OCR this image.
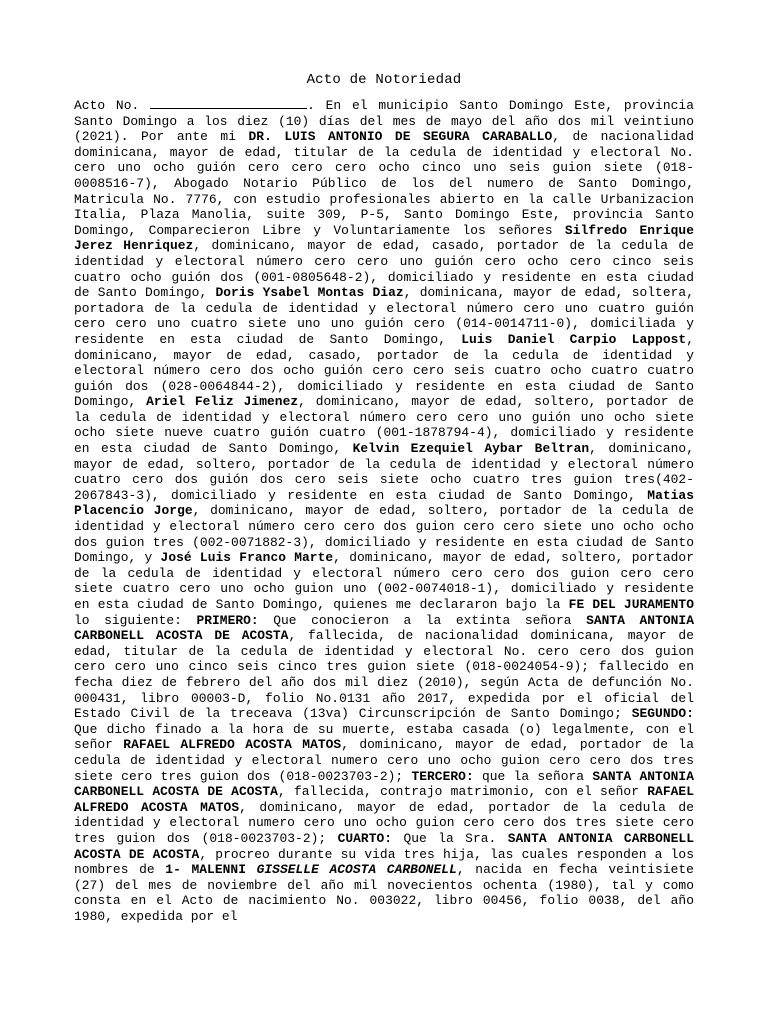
Acto de Notoriedad
Acto No.	. En el municipio Santo Domingo Este, provincia Santo Domingo a los diez (10) días del mes de mayo del año dos mil veintiuno (2021). Por ante mi DR. LUIS ANTONIO DE SEGURA CARABALLO, de nacionalidad dominicana, mayor de edad, titular de la cedula de identidad y electoral No. cero uno ocho guión cero cero cero ocho cinco uno seis guion siete (018-0008516-7), Abogado Notario Público de los del numero de Santo Domingo, Matricula No. 7776, con estudio profesionales abierto en la calle Urbanizacion Italia, Plaza Manolia, suite 309, P-5, Santo Domingo Este, provincia Santo Domingo, Comparecieron Libre y Voluntariamente los señores Silfredo Enrique Jerez Henriquez, dominicano, mayor de edad, casado, portador de la cedula de identidad y electoral número cero cero uno guión cero ocho cero cinco seis cuatro ocho guión dos (001-0805648-2), domiciliado y residente en esta ciudad de Santo Domingo, Doris Ysabel Montas Diaz, dominicana, mayor de edad, soltera, portadora de la cedula de identidad y electoral número cero uno cuatro guión cero cero uno cuatro siete uno uno guión cero (014-0014711-0), domiciliada y residente en esta ciudad de Santo Domingo, Luis Daniel Carpio Lappost, dominicano, mayor de edad, casado, portador de la cedula de identidad y electoral número cero dos ocho guión cero cero seis cuatro ocho cuatro cuatro guión dos (028-0064844-2), domiciliado y residente en esta ciudad de Santo Domingo, Ariel Feliz Jimenez, dominicano, mayor de edad, soltero, portador de la cedula de identidad y electoral número cero cero uno guión uno ocho siete ocho siete nueve cuatro guión cuatro (001-1878794-4), domiciliado y residente en esta ciudad de Santo Domingo, Kelvin Ezequiel Aybar Beltran, dominicano, mayor de edad, soltero, portador de la cedula de identidad y electoral número cuatro cero dos guión dos cero seis siete ocho cuatro tres guion tres(402-2067843-3), domiciliado y residente en esta ciudad de Santo Domingo, Matias Placencio Jorge, dominicano, mayor de edad, soltero, portador de la cedula de identidad y electoral número cero cero dos guion cero cero siete uno ocho ocho dos guion tres (002-0071882-3), domiciliado y residente en esta ciudad de Santo Domingo, y José Luis Franco Marte, dominicano, mayor de edad, soltero, portador de la cedula de identidad y electoral número cero cero dos guion cero cero siete cuatro cero uno ocho guion uno (002-0074018-1), domiciliado y residente en esta ciudad de Santo Domingo, quienes me declararon bajo la FE DEL JURAMENTO lo siguiente: PRIMERO: Que conocieron a la extinta señora SANTA ANTONIA CARBONELL ACOSTA DE ACOSTA, fallecida, de nacionalidad dominicana, mayor de edad, titular de la cedula de identidad y electoral No. cero cero dos guion cero cero uno cinco seis cinco tres guion siete (018-0024054-9); fallecido en fecha diez de febrero del año dos mil diez (2010), según Acta de defunción No. 000431, libro 00003-D, folio No.0131 año 2017, expedida por el oficial del Estado Civil de la treceava (13va) Circunscripción de Santo Domingo; SEGUNDO: Que dicho finado a la hora de su muerte, estaba casada (o) legalmente, con el señor RAFAEL ALFREDO ACOSTA MATOS, dominicano, mayor de edad, portador de la cedula de identidad y electoral numero cero uno ocho guion cero cero dos tres siete cero tres guion dos (018-0023703-2); TERCERO: que la señora SANTA ANTONIA CARBONELL ACOSTA DE ACOSTA, fallecida, contrajo matrimonio, con el señor RAFAEL ALFREDO ACOSTA MATOS, dominicano, mayor de edad, portador de la cedula de identidad y electoral numero cero uno ocho guion cero cero dos tres siete cero tres guion dos (018-0023703-2); CUARTO: Que la Sra. SANTA ANTONIA CARBONELL ACOSTA DE ACOSTA, procreo durante su vida tres hija, las cuales responden a los nombres de 1- MALENNI GISSELLE ACOSTA CARBONELL, nacida en fecha veintisiete (27) del mes de noviembre del año mil novecientos ochenta (1980), tal y como consta en el Acto de nacimiento No. 003022, libro 00456, folio 0038, del año 1980, expedida por el
